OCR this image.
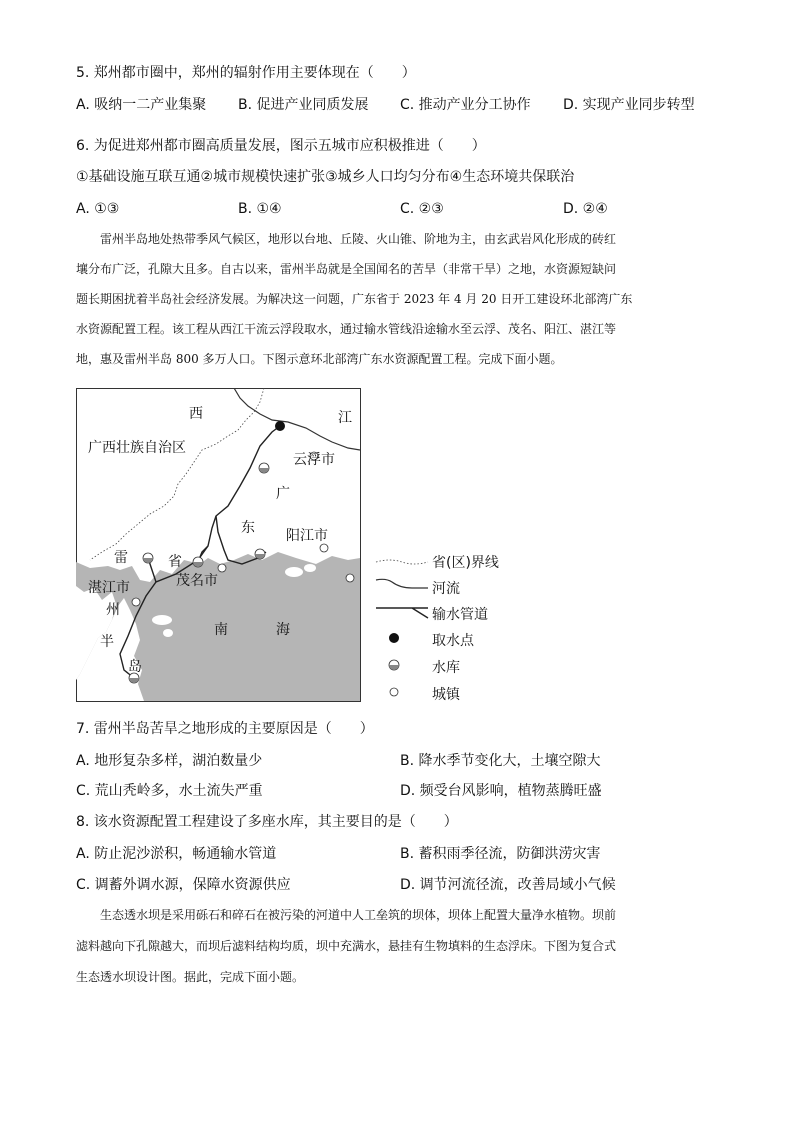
5. 郑州都市圈中，郑州的辐射作用主要体现在（　　）
A. 吸纳一二产业集聚 B. 促进产业同质发展 C. 推动产业分工协作 D. 实现产业同步转型
6. 为促进郑州都市圈高质量发展，图示五城市应积极推进（　　）
①基础设施互联互通②城市规模快速扩张③城乡人口均匀分布④生态环境共保联治
A. ①③	B. ①④	C. ②③	D. ②④
雷州半岛地处热带季风气候区，地形以台地、丘陵、火山锥、阶地为主，由玄武岩风化形成的砖红
壤分布广泛，孔隙大且多。自古以来，雷州半岛就是全国闻名的苦旱（非常干旱）之地，水资源短缺问
题长期困扰着半岛社会经济发展。为解决这一问题，广东省于 2023 年 4 月 20 日开工建设环北部湾广东
水资源配置工程。该工程从西江干流云浮段取水，通过输水管线沿途输水至云浮、茂名、阳江、湛江等
地，惠及雷州半岛 800 多万人口。下图示意环北部湾广东水资源配置工程。完成下面小题。
西
广西壮族自治区
江
云浮市
广
东 阳江市
雷	省
茂名市
湛江市
州
半
岛
南	海
省(区)界线
河流
输水管道
取水点
水库
城镇
7. 雷州半岛苦旱之地形成的主要原因是（　　）
A. 地形复杂多样，湖泊数量少	B. 降水季节变化大，土壤空隙大
C. 荒山秃岭多，水土流失严重	D. 频受台风影响，植物蒸腾旺盛
8. 该水资源配置工程建设了多座水库，其主要目的是（　　）
A. 防止泥沙淤积，畅通输水管道	B. 蓄积雨季径流，防御洪涝灾害
C. 调蓄外调水源，保障水资源供应	D. 调节河流径流，改善局域小气候
生态透水坝是采用砾石和碎石在被污染的河道中人工垒筑的坝体，坝体上配置大量净水植物。坝前
滤料越向下孔隙越大，而坝后滤料结构均质，坝中充满水，悬挂有生物填料的生态浮床。下图为复合式
生态透水坝设计图。据此，完成下面小题。
